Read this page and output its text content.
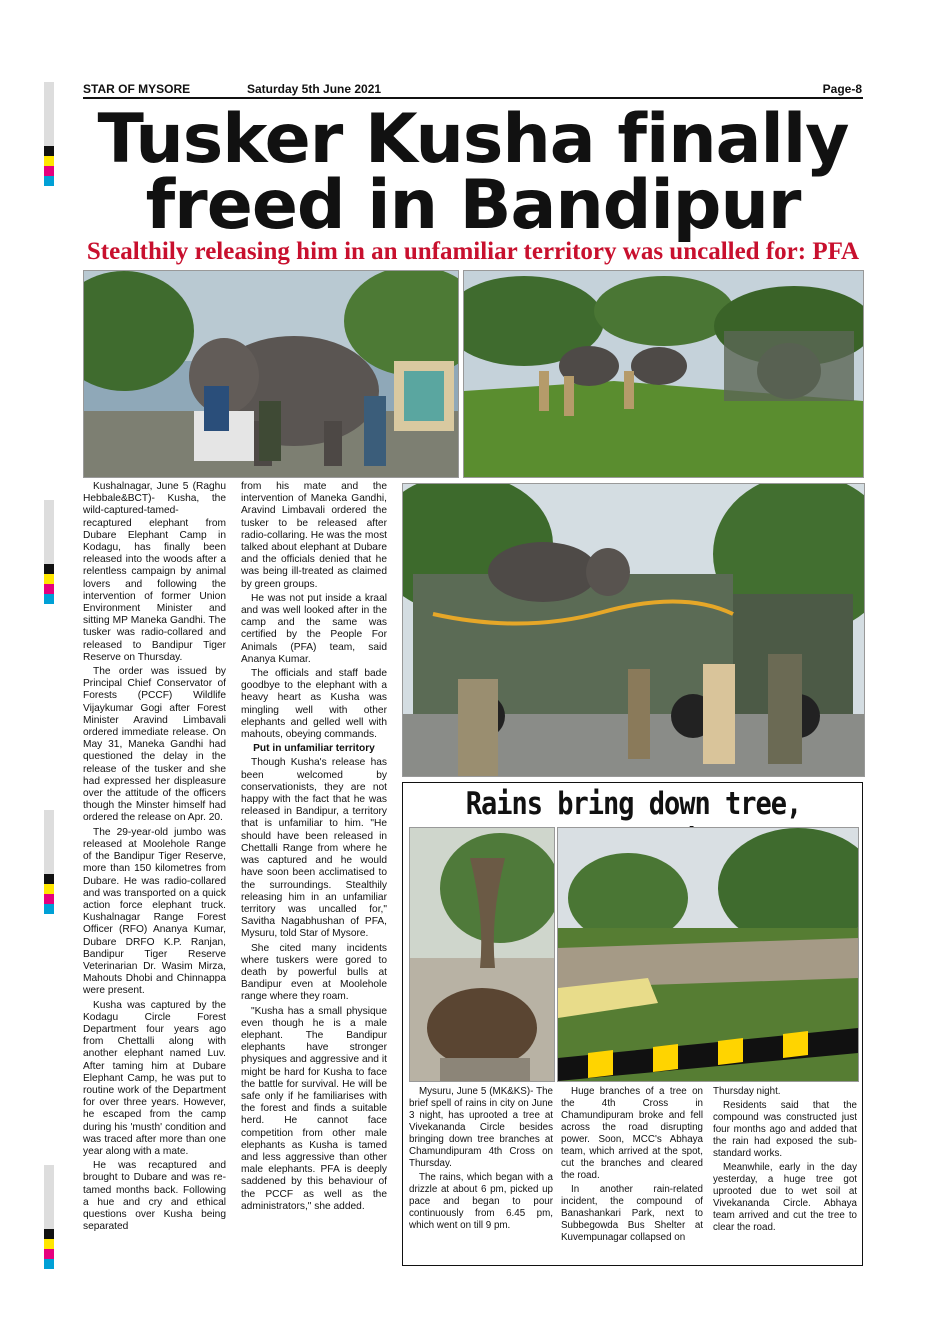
STAR OF MYSORE	Saturday 5th June 2021	Page-8
Tusker Kusha finally
freed in Bandipur
Stealthily releasing him in an unfamiliar territory was uncalled for: PFA

Kushalnagar, June 5 (Raghu Hebbale&BCT)- Kusha, the wild-captured-tamed-recaptured elephant from Dubare Elephant Camp in Kodagu, has finally been released into the woods after a relentless campaign by animal lovers and following the intervention of former Union Environment Minister and sitting MP Maneka Gandhi. The tusker was radio-collared and released to Bandipur Tiger Reserve on Thursday.

The order was issued by Principal Chief Conservator of Forests (PCCF) Wildlife Vijaykumar Gogi after Forest Minister Aravind Limbavali ordered immediate release. On May 31, Maneka Gandhi had questioned the delay in the release of the tusker and she had expressed her displeasure over the attitude of the officers though the Minster himself had ordered the release on Apr. 20.

The 29-year-old jumbo was released at Moolehole Range of the Bandipur Tiger Reserve, more than 150 kilometres from Dubare. He was radio-collared and was transported on a quick action force elephant truck. Kushalnagar Range Forest Officer (RFO) Ananya Kumar, Dubare DRFO K.P. Ranjan, Bandipur Tiger Reserve Veterinarian Dr. Wasim Mirza, Mahouts Dhobi and Chinnappa were present.

Kusha was captured by the Kodagu Circle Forest Department four years ago from Chettalli along with another elephant named Luv. After taming him at Dubare Elephant Camp, he was put to routine work of the Department for over three years. However, he escaped from the camp during his 'musth' condition and was traced after more than one year along with a mate.

He was recaptured and brought to Dubare and was re-tamed months back. Following a hue and cry and ethical questions over Kusha being separated

from his mate and the intervention of Maneka Gandhi, Aravind Limbavali ordered the tusker to be released after radio-collaring. He was the most talked about elephant at Dubare and the officials denied that he was being ill-treated as claimed by green groups.

He was not put inside a kraal and was well looked after in the camp and the same was certified by the People For Animals (PFA) team, said Ananya Kumar.

The officials and staff bade goodbye to the elephant with a heavy heart as Kusha was mingling well with other elephants and gelled well with mahouts, obeying commands.

Put in unfamiliar territory

Though Kusha's release has been welcomed by conservationists, they are not happy with the fact that he was released in Bandipur, a territory that is unfamiliar to him. "He should have been released in Chettalli Range from where he was captured and he would have soon been acclimatised to the surroundings. Stealthily releasing him in an unfamiliar territory was uncalled for," Savitha Nagabhushan of PFA, Mysuru, told Star of Mysore.

She cited many incidents where tuskers were gored to death by powerful bulls at Bandipur even at Moolehole range where they roam.

"Kusha has a small physique even though he is a male elephant. The Bandipur elephants have stronger physiques and aggressive and it might be hard for Kusha to face the battle for survival. He will be safe only if he familiarises with the forest and finds a suitable herd. He cannot face competition from other male elephants as Kusha is tamed and less aggressive than other male elephants. PFA is deeply saddened by this behaviour of the PCCF as well as the administrators," she added.

Rains bring down tree,

Mysuru, June 5 (MK&KS)- The brief spell of rains in city on June 3 night, has uprooted a tree at Vivekananda Circle besides bringing down tree branches at Chamundipuram 4th Cross on Thursday.

The rains, which began with a drizzle at about 6 pm, picked up pace and began to pour continuously from 6.45 pm, which went on till 9 pm.

Huge branches of a tree on the 4th Cross in Chamundipuram broke and fell across the road disrupting power. Soon, MCC's Abhaya team, which arrived at the spot, cut the branches and cleared the road.

In another rain-related incident, the compound of Banashankari Park, next to Subbegowda Bus Shelter at Kuvempunagar collapsed on

Thursday night.

Residents said that the compound was constructed just four months ago and added that the rain had exposed the sub-standard works.

Meanwhile, early in the day yesterday, a huge tree got uprooted due to wet soil at Vivekananda Circle. Abhaya team arrived and cut the tree to clear the road.
